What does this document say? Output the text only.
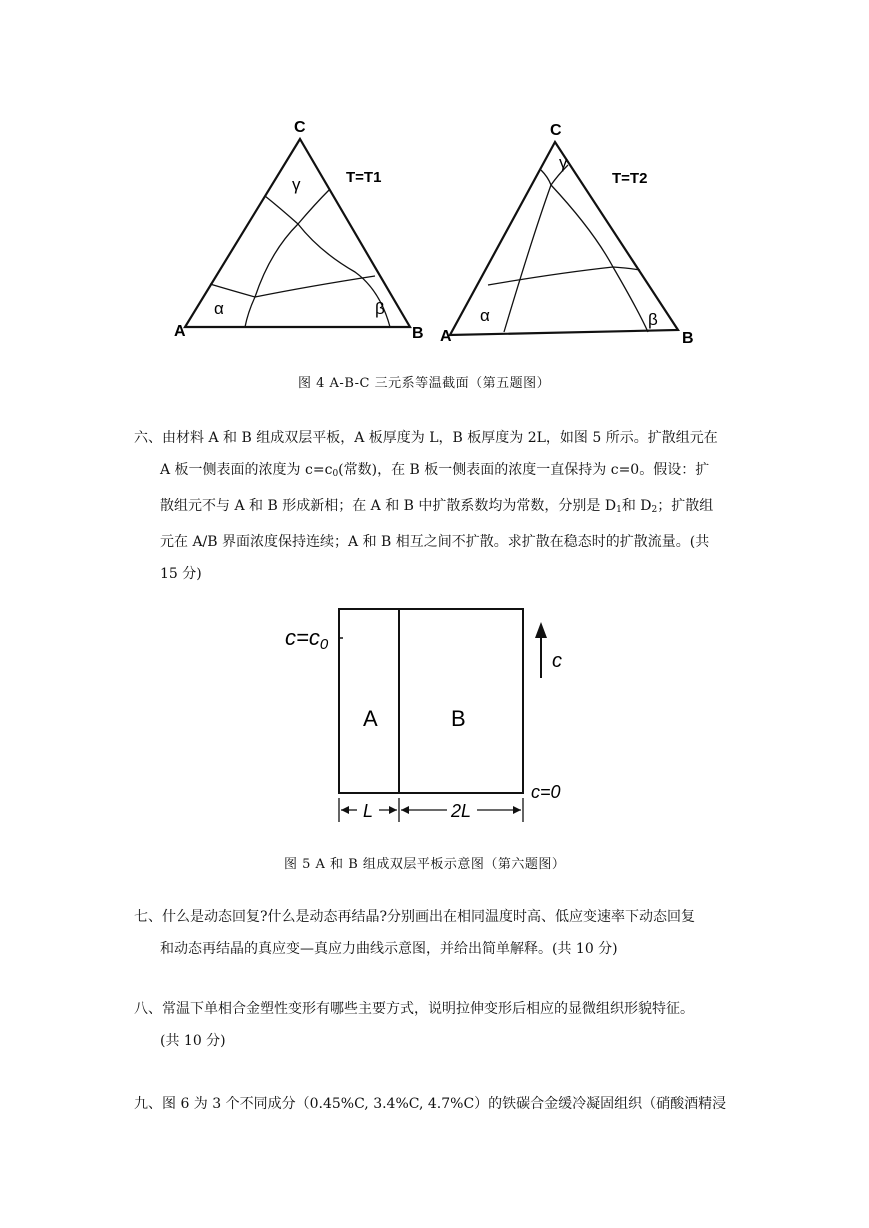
C
A	B
T=T1
γ
α	β
C
A	B
T=T2
γ
α	β
图 4 A-B-C 三元系等温截面（第五题图）
六、由材料 A 和 B 组成双层平板，A 板厚度为 L，B 板厚度为 2L，如图 5 所示。扩散组元在
A 板一侧表面的浓度为 $c=c_0$(常数)，在 B 板一侧表面的浓度一直保持为 c=0。假设：扩
散组元不与 A 和 B 形成新相；在 A 和 B 中扩散系数均为常数，分别是 $D_1$和 $D_2$；扩散组
元在 A/B 界面浓度保持连续；A 和 B 相互之间不扩散。求扩散在稳态时的扩散流量。(共
15 分)
c=c0
A	B
c
c=0
L	2L
图 5 A 和 B 组成双层平板示意图（第六题图）
七、什么是动态回复?什么是动态再结晶?分别画出在相同温度时高、低应变速率下动态回复
和动态再结晶的真应变—真应力曲线示意图，并给出简单解释。(共 10 分)
八、常温下单相合金塑性变形有哪些主要方式，说明拉伸变形后相应的显微组织形貌特征。
(共 10 分)
九、图 6 为 3 个不同成分（0.45%C, 3.4%C, 4.7%C）的铁碳合金缓冷凝固组织（硝酸酒精浸
